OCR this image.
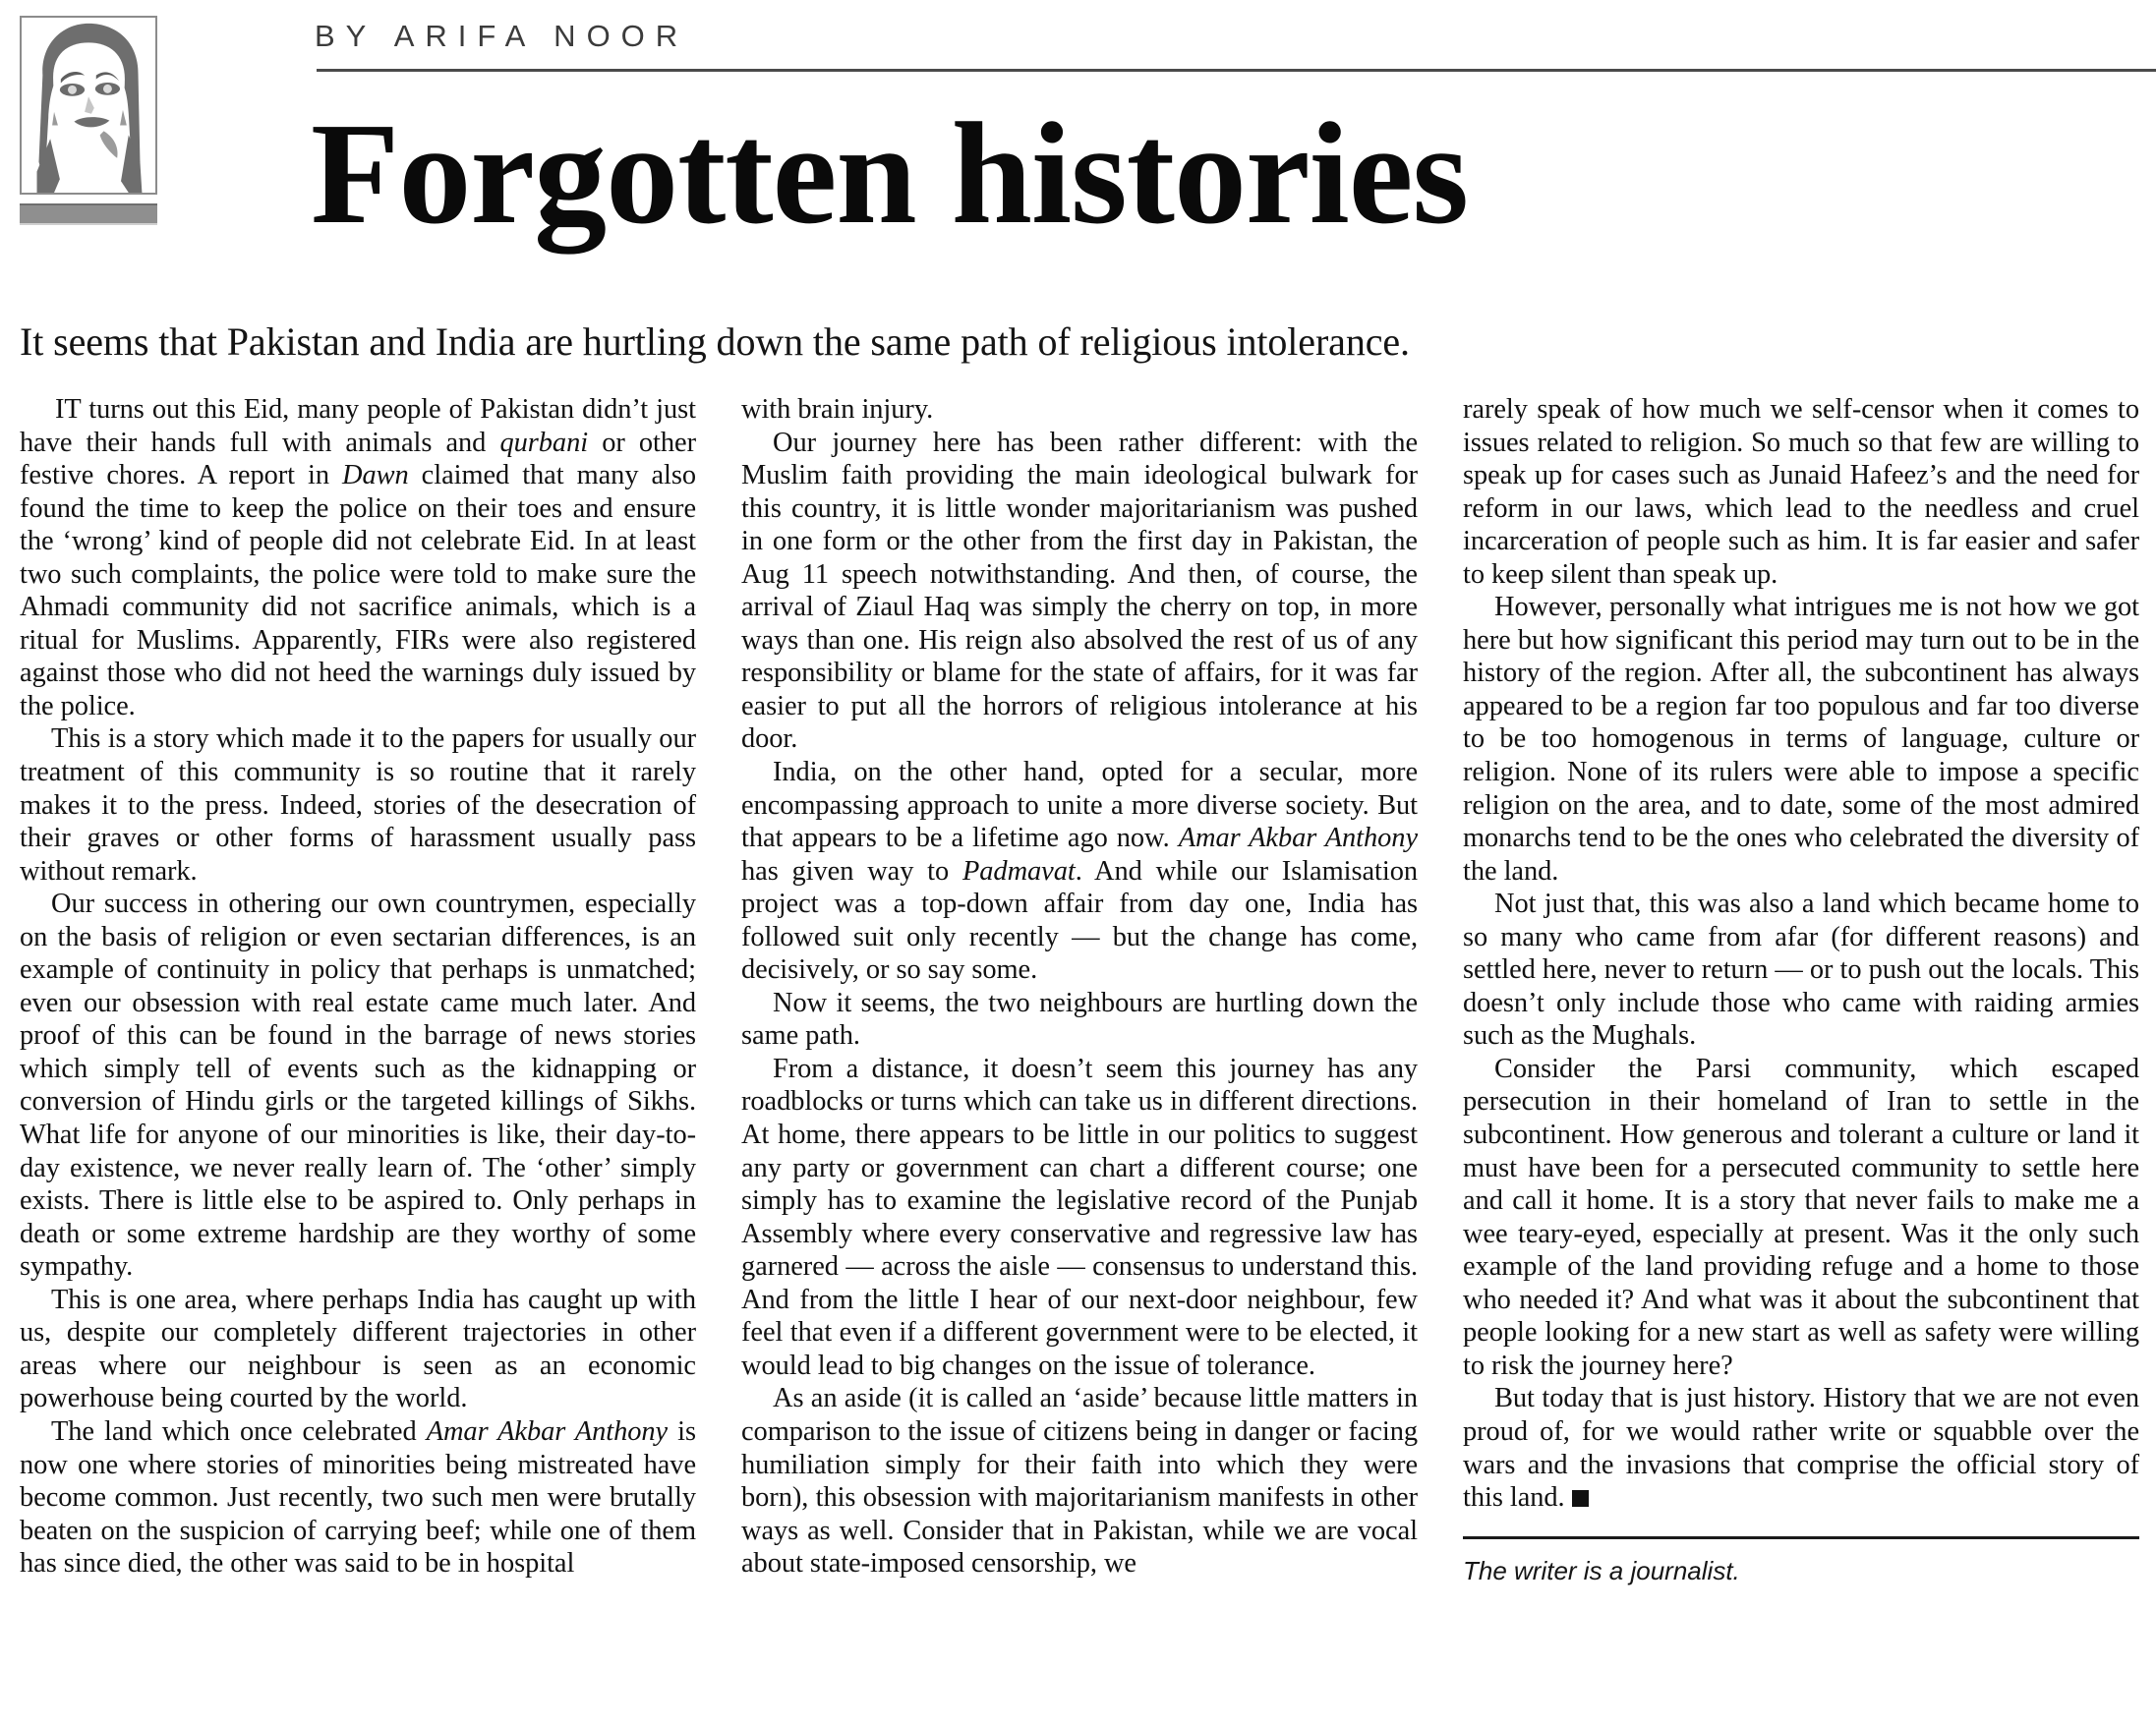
BY ARIFA NOOR
Forgotten histories
It seems that Pakistan and India are hurtling down the same path of religious intolerance.

IT turns out this Eid, many people of Pakistan didn’t just have their hands full with animals and qurbani or other festive chores. A report in Dawn claimed that many also found the time to keep the police on their toes and ensure the ‘wrong’ kind of people did not celebrate Eid. In at least two such complaints, the police were told to make sure the Ahmadi community did not sacrifice animals, which is a ritual for Muslims. Apparently, FIRs were also registered against those who did not heed the warnings duly issued by the police.

This is a story which made it to the papers for usually our treatment of this community is so routine that it rarely makes it to the press. Indeed, stories of the desecration of their graves or other forms of harassment usually pass without remark.

Our success in othering our own countrymen, especially on the basis of religion or even sectarian differences, is an example of continuity in policy that perhaps is unmatched; even our obsession with real estate came much later. And proof of this can be found in the barrage of news stories which simply tell of events such as the kidnapping or conversion of Hindu girls or the targeted killings of Sikhs. What life for anyone of our minorities is like, their day-to-day existence, we never really learn of. The ‘other’ simply exists. There is little else to be aspired to. Only perhaps in death or some extreme hardship are they worthy of some sympathy.

This is one area, where perhaps India has caught up with us, despite our completely different trajectories in other areas where our neighbour is seen as an economic powerhouse being courted by the world.

The land which once celebrated Amar Akbar Anthony is now one where stories of minorities being mistreated have become common. Just recently, two such men were brutally beaten on the suspicion of carrying beef; while one of them has since died, the other was said to be in hospital

with brain injury.

Our journey here has been rather different: with the Muslim faith providing the main ideological bulwark for this country, it is little wonder majoritarianism was pushed in one form or the other from the first day in Pakistan, the Aug 11 speech notwithstanding. And then, of course, the arrival of Ziaul Haq was simply the cherry on top, in more ways than one. His reign also absolved the rest of us of any responsibility or blame for the state of affairs, for it was far easier to put all the horrors of religious intolerance at his door.

India, on the other hand, opted for a secular, more encompassing approach to unite a more diverse society. But that appears to be a lifetime ago now. Amar Akbar Anthony has given way to Padmavat. And while our Islamisation project was a top-down affair from day one, India has followed suit only recently — but the change has come, decisively, or so say some.

Now it seems, the two neighbours are hurtling down the same path.

From a distance, it doesn’t seem this journey has any roadblocks or turns which can take us in different directions. At home, there appears to be little in our politics to suggest any party or government can chart a different course; one simply has to examine the legislative record of the Punjab Assembly where every conservative and regressive law has garnered — across the aisle — consensus to understand this. And from the little I hear of our next-door neighbour, few feel that even if a different government were to be elected, it would lead to big changes on the issue of tolerance.

As an aside (it is called an ‘aside’ because little matters in comparison to the issue of citizens being in danger or facing humiliation simply for their faith into which they were born), this obsession with majoritarianism manifests in other ways as well. Consider that in Pakistan, while we are vocal about state-imposed censorship, we

rarely speak of how much we self-censor when it comes to issues related to religion. So much so that few are willing to speak up for cases such as Junaid Hafeez’s and the need for reform in our laws, which lead to the needless and cruel incarceration of people such as him. It is far easier and safer to keep silent than speak up.

However, personally what intrigues me is not how we got here but how significant this period may turn out to be in the history of the region. After all, the subcontinent has always appeared to be a region far too populous and far too diverse to be too homogenous in terms of language, culture or religion. None of its rulers were able to impose a specific religion on the area, and to date, some of the most admired monarchs tend to be the ones who celebrated the diversity of the land.

Not just that, this was also a land which became home to so many who came from afar (for different reasons) and settled here, never to return — or to push out the locals. This doesn’t only include those who came with raiding armies such as the Mughals.

Consider the Parsi community, which escaped persecution in their homeland of Iran to settle in the subcontinent. How generous and tolerant a culture or land it must have been for a persecuted community to settle here and call it home. It is a story that never fails to make me a wee teary-eyed, especially at present. Was it the only such example of the land providing refuge and a home to those who needed it? And what was it about the subcontinent that people looking for a new start as well as safety were willing to risk the journey here?

But today that is just history. History that we are not even proud of, for we would rather write or squabble over the wars and the invasions that comprise the official story of this land.

The writer is a journalist.
